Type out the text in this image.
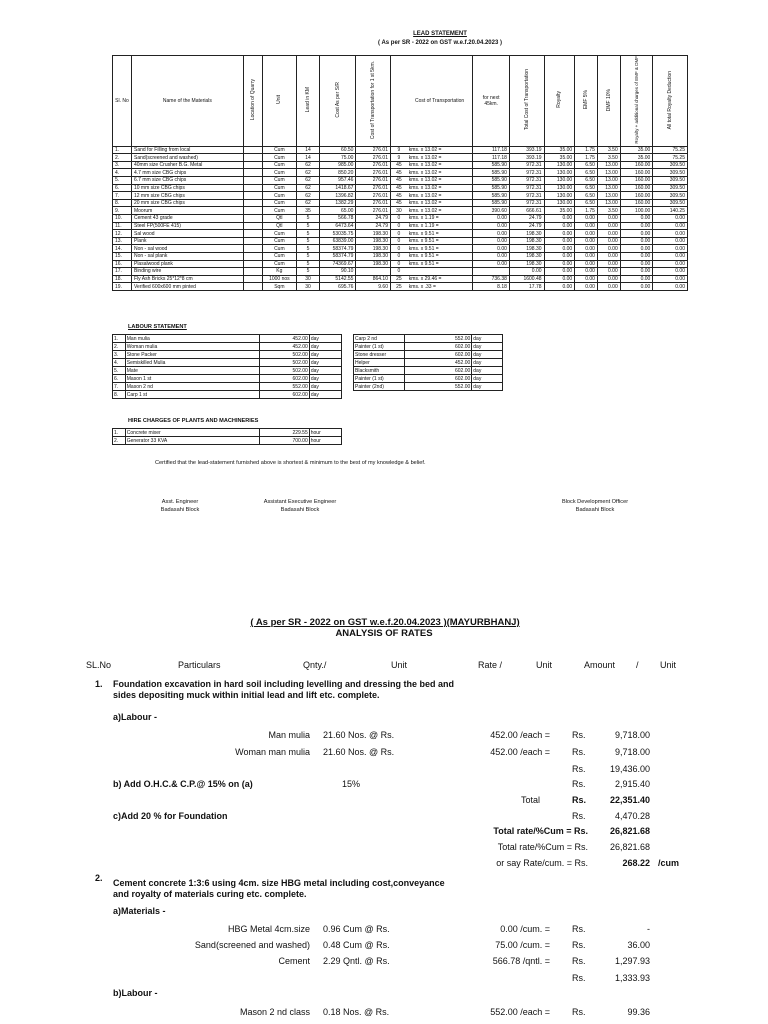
LEAD STATEMENT
( As per SR - 2022 on GST w.e.f.20.04.2023 )
Sl. No	Name of the Materials	Location of Quarry	Unit	Lead in KM	Cost As per S/R	Cost of Transportation for 1 st 5km.		Cost of Transportation	for next
45km.	Total Cost of Transportation	Royalty	EMF 5%	DMF 10%	Royalty + additional charges of EMF & DMF	All total Royalty Deduction
1.	Sand for Filling from local		Cum	14	60.50	276.01	9	kms. x 13.02 =	117.18	393.19	35.00	1.75	3.50	35.00	75.25
2.	Sand(screened and washed)		Cum	14	75.00	276.01	9	kms. x 13.02 =	117.18	393.19	35.00	1.75	3.50	35.00	75.25
3.	40mm size Crusher B.G. Metal		Cum	62	985.00	276.01	45	kms. x 13.02 =	585.90	972.31	130.00	6.50	13.00	160.00	309.50
4.	4.7 mm size CBG chips		Cum	62	850.20	276.01	45	kms. x 13.02 =	585.90	972.31	130.00	6.50	13.00	160.00	309.50
5.	6.7 mm size CBG chips		Cum	62	957.46	276.01	45	kms. x 13.02 =	585.90	972.31	130.00	6.50	13.00	160.00	309.50
6.	10 mm size CBG chips		Cum	62	1418.67	276.01	45	kms. x 13.02 =	585.90	972.31	130.00	6.50	13.00	160.00	309.50
7.	12 mm size CBG chips		Cum	62	1396.82	276.01	45	kms. x 13.02 =	585.90	972.31	130.00	6.50	13.00	160.00	309.50
8.	20 mm size CBG chips		Cum	62	1382.29	276.01	45	kms. x 13.02 =	585.90	972.31	130.00	6.50	13.00	160.00	309.50
9.	Moorum		Cum	35	65.00	276.01	30	kms. x 13.02 =	390.60	666.61	35.00	1.75	3.50	100.00	140.25
10.	Cement 43 grade		Qtl	5	566.78	24.79	0	kms. x 1.19 =	0.00	24.79	0.00	0.00	0.00	0.00	0.00
11.	Steel FP(500FE 415)		Qtl	5	6473.64	24.79	0	kms. x 1.19 =	0.00	24.79	0.00	0.00	0.00	0.00	0.00
12.	Sal wood		Cum	5	53035.75	198.30	0	kms. x 9.51 =	0.00	198.30	0.00	0.00	0.00	0.00	0.00
13.	Plank		Cum	5	63839.00	198.30	0	kms. x 9.51 =	0.00	198.30	0.00	0.00	0.00	0.00	0.00
14.	Non - sal wood		Cum	5	58374.79	198.30	0	kms. x 9.51 =	0.00	198.30	0.00	0.00	0.00	0.00	0.00
15.	Non - sal plank		Cum	5	58374.79	198.30	0	kms. x 9.51 =	0.00	198.30	0.00	0.00	0.00	0.00	0.00
16.	Plasalwood plank		Cum	5	74369.67	198.30	0	kms. x 9.51 =	0.00	198.30	0.00	0.00	0.00	0.00	0.00
17.	Binding wire		Kg	5	90.10		0			0.00	0.00	0.00	0.00	0.00	0.00
18.	Fly Ash Bricks 25*12*8 cm		1000 nos	30	5142.55	864.10	25	kms. x 29.46 =	736.38	1600.48	0.00	0.00	0.00	0.00	0.00
19.	Verified 600x600 mm pinted		Sqm	30	695.76	9.60	25	kms. x .33 =	8.18	17.78	0.00	0.00	0.00	0.00	0.00
LABOUR STATEMENT
1.	Man mulia	452.00	day
2.	Woman mulia	452.00	day
3.	Stone Packer	502.00	day
4.	Semiskilled Mulia	502.00	day
5.	Mate	502.00	day
6.	Mason 1 st	602.00	day
7.	Mason 2 nd	552.00	day
8.	Carp 1 st	602.00	day
Carp 2 nd	552.00	day
Painter (1 st)	602.00	day
Stone dresser	602.00	day
Helper	452.00	day
Blacksmith	602.00	day
Painter (1 st)	602.00	day
Painter (2nd)	552.00	day
HIRE CHARGES OF PLANTS AND MACHINERIES
1.	Concrete mixer	229.55	hour
2.	Generator 33 KVA	700.00	hour
Certified that the lead-statement furnished above is shortest & minimum to the best of my knowledge & belief.
Asst. Engineer
Badasahi Block
Assistant Executive Engineer
Badasahi Block
Block Development Officer
Badasahi Block
( As per SR - 2022 on GST w.e.f.20.04.2023 )(MAYURBHANJ)
ANALYSIS OF RATES
SL.No	Particulars	Qnty./	Unit	Rate /	Unit	Amount / Unit
1. Foundation excavation in hard soil including levelling and dressing the bed and
sides depositing muck within initial lead and lift etc. complete.
a)Labour -
Man mulia 21.60 Nos. @ Rs.	452.00 /each = Rs.	9,718.00
Woman man mulia 21.60 Nos. @ Rs.	452.00 /each = Rs.	9,718.00
Rs.	19,436.00
b) Add O.H.C.& C.P.@ 15% on (a)	15%	Rs.	2,915.40
Total	Rs.	22,351.40
c)Add 20 % for Foundation	Rs.	4,470.28
Total rate/%Cum = Rs.	26,821.68
Total rate/%Cum = Rs.	26,821.68
or say Rate/cum. = Rs.	268.22 /cum
2. Cement concrete 1:3:6 using 4cm. size HBG metal including cost,conveyance
and royalty of materials curing etc. complete.
a)Materials -
HBG Metal 4cm.size 0.96 Cum @ Rs.	0.00 /cum. = Rs.	-
Sand(screened and washed) 0.48 Cum @ Rs.	75.00 /cum. = Rs.	36.00
Cement 2.29 Qntl. @ Rs.	566.78 /qntl. = Rs.	1,297.93
Rs.	1,333.93
b)Labour -
Mason 2 nd class 0.18 Nos. @ Rs.	552.00 /each = Rs.	99.36
